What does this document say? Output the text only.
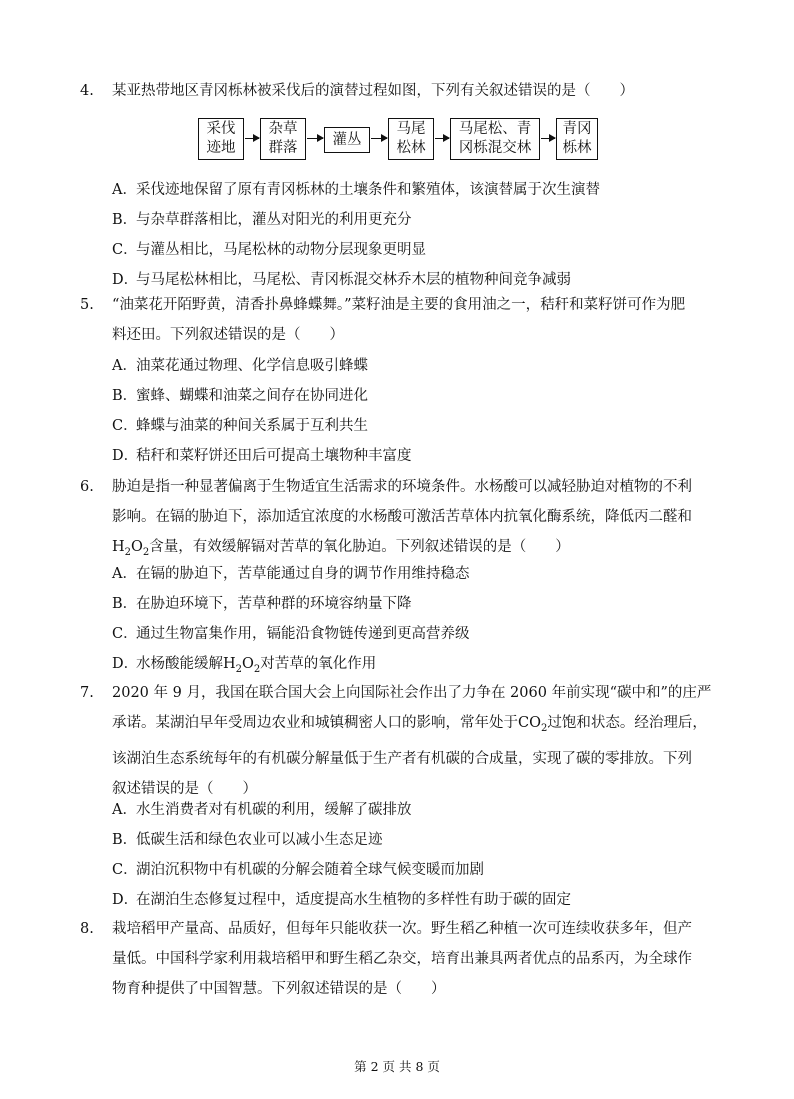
4. 某亚热带地区青冈栎林被采伐后的演替过程如图，下列有关叙述错误的是（　　）
采伐
迹地
杂草
群落
灌丛
马尾
松林
马尾松、青
冈栎混交林
青冈
栎林
A．采伐迹地保留了原有青冈栎林的土壤条件和繁殖体，该演替属于次生演替
B．与杂草群落相比，灌丛对阳光的利用更充分
C．与灌丛相比，马尾松林的动物分层现象更明显
D．与马尾松林相比，马尾松、青冈栎混交林乔木层的植物种间竞争减弱
5. “油菜花开陌野黄，清香扑鼻蜂蝶舞。”菜籽油是主要的食用油之一，秸秆和菜籽饼可作为肥
料还田。下列叙述错误的是（　　）
A．油菜花通过物理、化学信息吸引蜂蝶
B．蜜蜂、蝴蝶和油菜之间存在协同进化
C．蜂蝶与油菜的种间关系属于互利共生
D．秸秆和菜籽饼还田后可提高土壤物种丰富度
6. 胁迫是指一种显著偏离于生物适宜生活需求的环境条件。水杨酸可以减轻胁迫对植物的不利
影响。在镉的胁迫下，添加适宜浓度的水杨酸可激活苦草体内抗氧化酶系统，降低丙二醛和
$H_2O_2$含量，有效缓解镉对苦草的氧化胁迫。下列叙述错误的是（　　）
A．在镉的胁迫下，苦草能通过自身的调节作用维持稳态
B．在胁迫环境下，苦草种群的环境容纳量下降
C．通过生物富集作用，镉能沿食物链传递到更高营养级
D．水杨酸能缓解$H_2O_2$对苦草的氧化作用
7. 2020 年 9 月，我国在联合国大会上向国际社会作出了力争在 2060 年前实现“碳中和”的庄严
承诺。某湖泊早年受周边农业和城镇稠密人口的影响，常年处于$CO_2$过饱和状态。经治理后，
该湖泊生态系统每年的有机碳分解量低于生产者有机碳的合成量，实现了碳的零排放。下列
叙述错误的是（　　）
A．水生消费者对有机碳的利用，缓解了碳排放
B．低碳生活和绿色农业可以减小生态足迹
C．湖泊沉积物中有机碳的分解会随着全球气候变暖而加剧
D．在湖泊生态修复过程中，适度提高水生植物的多样性有助于碳的固定
8. 栽培稻甲产量高、品质好，但每年只能收获一次。野生稻乙种植一次可连续收获多年，但产
量低。中国科学家利用栽培稻甲和野生稻乙杂交，培育出兼具两者优点的品系丙，为全球作
物育种提供了中国智慧。下列叙述错误的是（　　）
第 2 页 共 8 页
